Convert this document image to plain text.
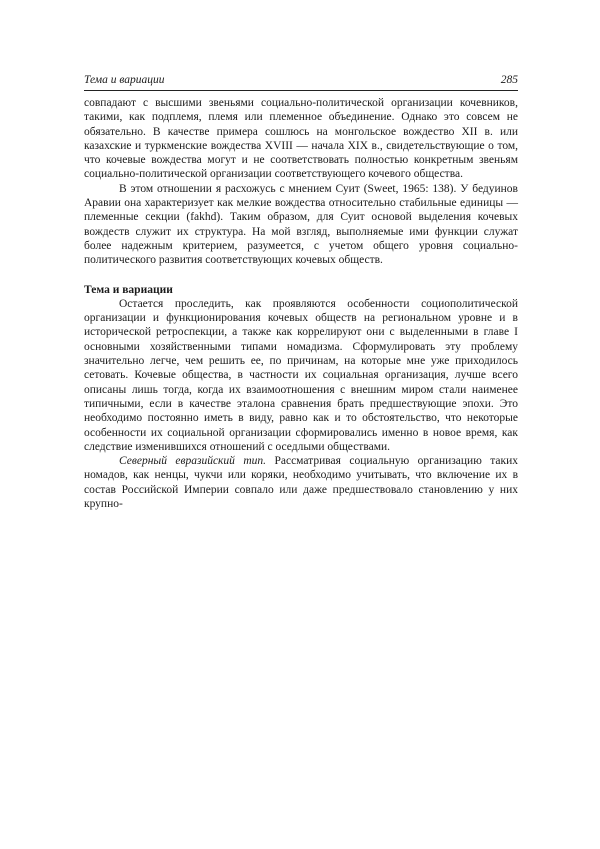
Тема и вариации	285

совпадают с высшими звеньями социально-политической организации кочевников, такими, как подплемя, племя или племенное объединение. Однако это совсем не обязательно. В качестве примера сошлюсь на монгольское вождество XII в. или казахские и туркменские вождества XVIII — начала XIX в., свидетельствующие о том, что кочевые вождества могут и не соответствовать полностью конкретным звеньям социально-политической организации соответствующего кочевого общества.

В этом отношении я расхожусь с мнением Суит (Sweet, 1965: 138). У бедуинов Аравии она характеризует как мелкие вождества относительно стабильные единицы — племенные секции (fakhd). Таким образом, для Суит основой выделения кочевых вождеств служит их структура. На мой взгляд, выполняемые ими функции служат более надежным критерием, разумеется, с учетом общего уровня социально-политического развития соответствующих кочевых обществ.

Тема и вариации

Остается проследить, как проявляются особенности социополитической организации и функционирования кочевых обществ на региональном уровне и в исторической ретроспекции, а также как коррелируют они с выделенными в главе I основными хозяйственными типами номадизма. Сформулировать эту проблему значительно легче, чем решить ее, по причинам, на которые мне уже приходилось сетовать. Кочевые общества, в частности их социальная организация, лучше всего описаны лишь тогда, когда их взаимоотношения с внешним миром стали наименее типичными, если в качестве эталона сравнения брать предшествующие эпохи. Это необходимо постоянно иметь в виду, равно как и то обстоятельство, что некоторые особенности их социальной организации сформировались именно в новое время, как следствие изменившихся отношений с оседлыми обществами.

Северный евразийский тип. Рассматривая социальную организацию таких номадов, как ненцы, чукчи или коряки, необходимо учитывать, что включение их в состав Российской Империи совпало или даже предшествовало становлению у них крупно-
